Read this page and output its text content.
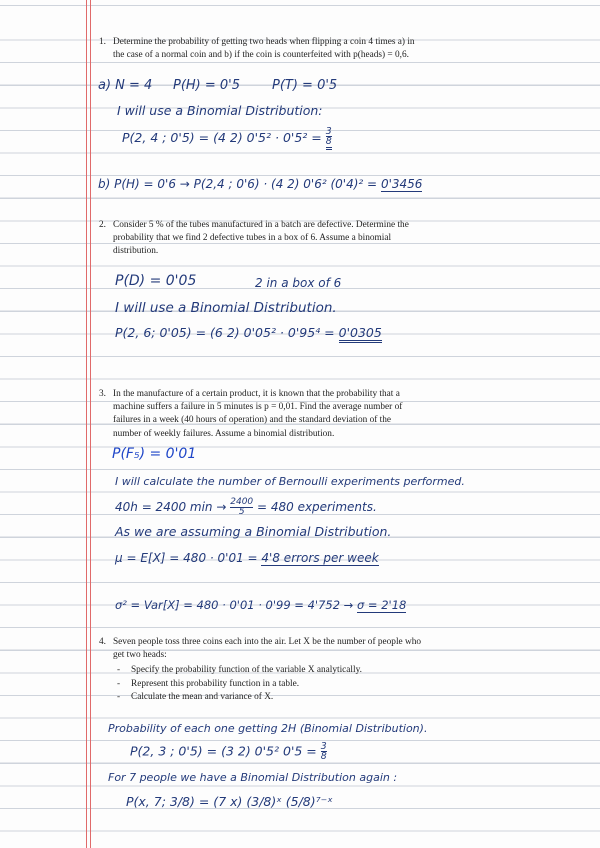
1. Determine the probability of getting two heads when flipping a coin 4 times a) in
the case of a normal coin and b) if the coin is counterfeited with p(heads) = 0,6.
a) N = 4 P(H) = 0'5 P(T) = 0'5
I will use a Binomial Distribution:
P(2, 4 ; 0'5) = (4 2) $0'5^2 \cdot 0'5^2 = \frac{3}{8}$
b) P(H) = 0'6 → P(2,4 ; 0'6) · (4 2) 0'6² (0'4)² = 0'3456
2. Consider 5 % of the tubes manufactured in a batch are defective. Determine the
probability that we find 2 defective tubes in a box of 6. Assume a binomial
distribution.
P(D) = 0'05	2 in a box of 6
I will use a Binomial Distribution.
P(2, 6; 0'05) = (6 2) 0'05² · 0'95⁴ = 0'0305
3. In the manufacture of a certain product, it is known that the probability that a
machine suffers a failure in 5 minutes is p = 0,01. Find the average number of
failures in a week (40 hours of operation) and the standard deviation of the
number of weekly failures. Assume a binomial distribution.
P(F₅) = 0'01
I will calculate the number of Bernoulli experiments performed.
40h = 2400 $\min \to \frac{2400}{5} = 480$ experiments.
As we are assuming a Binomial Distribution.
μ = E[X] = 480 · 0'01 = 4'8 errors per week
σ² = Var[X] = 480 · 0'01 · 0'99 = 4'752 → σ = 2'18
4. Seven people toss three coins each into the air. Let X be the number of people who
get two heads:
- Specify the probability function of the variable X analytically.
- Represent this probability function in a table.
- Calculate the mean and variance of X.
Probability of each one getting 2H (Binomial Distribution).
P(2, 3 ; 0'5) = (3 2) 0'5² $0'5 = \frac{3}{8}$
For 7 people we have a Binomial Distribution again :
P(x, 7; 3/8) = (7 x) (3/8)ˣ (5/8)⁷⁻ˣ
